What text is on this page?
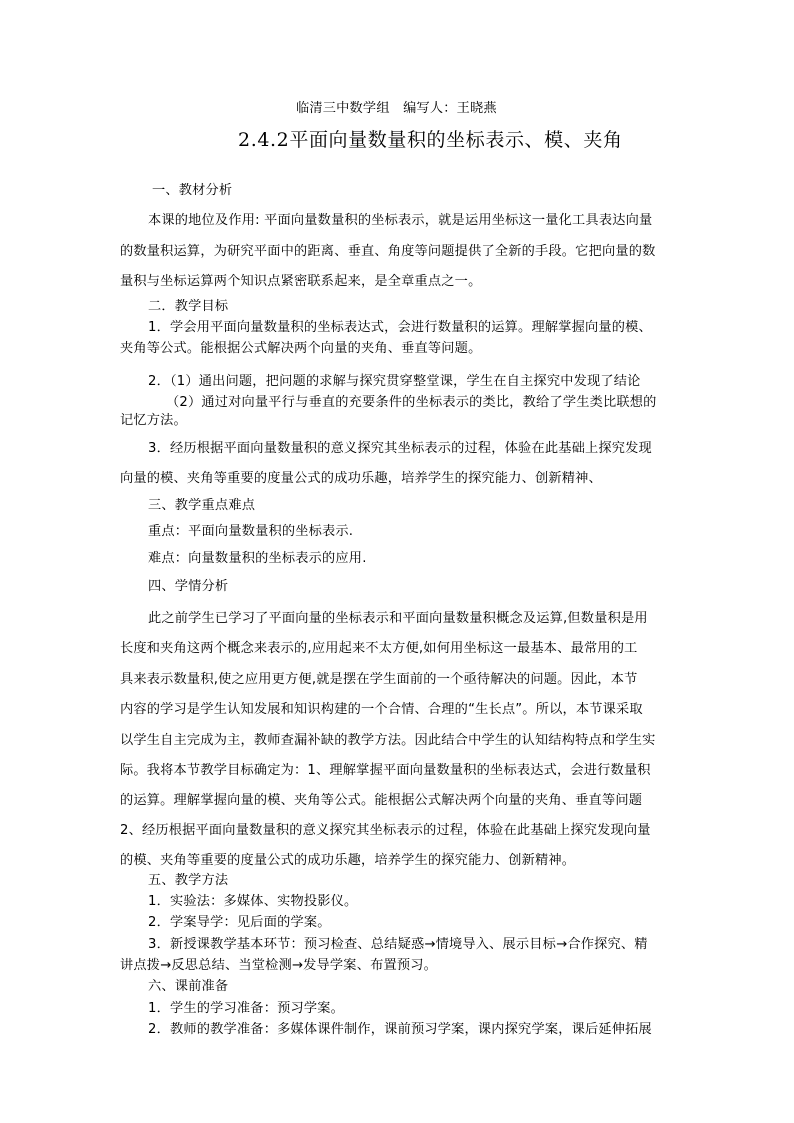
临清三中数学组　编写人：王晓燕
2.4.2平面向量数量积的坐标表示、模、夹角
一、教材分析
本课的地位及作用: 平面向量数量积的坐标表示，就是运用坐标这一量化工具表达向量
的数量积运算，为研究平面中的距离、垂直、角度等问题提供了全新的手段。它把向量的数
量积与坐标运算两个知识点紧密联系起来，是全章重点之一。
二．教学目标
1．学会用平面向量数量积的坐标表达式，会进行数量积的运算。理解掌握向量的模、
夹角等公式。能根据公式解决两个向量的夹角、垂直等问题。
2．（1）通出问题，把问题的求解与探究贯穿整堂课，学生在自主探究中发现了结论
（2）通过对向量平行与垂直的充要条件的坐标表示的类比，教给了学生类比联想的
记忆方法。
3．经历根据平面向量数量积的意义探究其坐标表示的过程，体验在此基础上探究发现
向量的模、夹角等重要的度量公式的成功乐趣，培养学生的探究能力、创新精神、
三、教学重点难点
重点：平面向量数量积的坐标表示.
难点：向量数量积的坐标表示的应用.
四、学情分析
此之前学生已学习了平面向量的坐标表示和平面向量数量积概念及运算,但数量积是用
长度和夹角这两个概念来表示的,应用起来不太方便,如何用坐标这一最基本、最常用的工
具来表示数量积,使之应用更方便,就是摆在学生面前的一个亟待解决的问题。因此，本节
内容的学习是学生认知发展和知识构建的一个合情、合理的“生长点”。所以，本节课采取
以学生自主完成为主，教师查漏补缺的教学方法。因此结合中学生的认知结构特点和学生实
际。我将本节教学目标确定为：1、理解掌握平面向量数量积的坐标表达式，会进行数量积
的运算。理解掌握向量的模、夹角等公式。能根据公式解决两个向量的夹角、垂直等问题
2、经历根据平面向量数量积的意义探究其坐标表示的过程，体验在此基础上探究发现向量
的模、夹角等重要的度量公式的成功乐趣，培养学生的探究能力、创新精神。
五、教学方法
1．实验法：多媒体、实物投影仪。
2．学案导学：见后面的学案。
3．新授课教学基本环节：预习检查、总结疑惑→情境导入、展示目标→合作探究、精
讲点拨→反思总结、当堂检测→发导学案、布置预习。
六、课前准备
1．学生的学习准备：预习学案。
2．教师的教学准备：多媒体课件制作，课前预习学案，课内探究学案，课后延伸拓展
